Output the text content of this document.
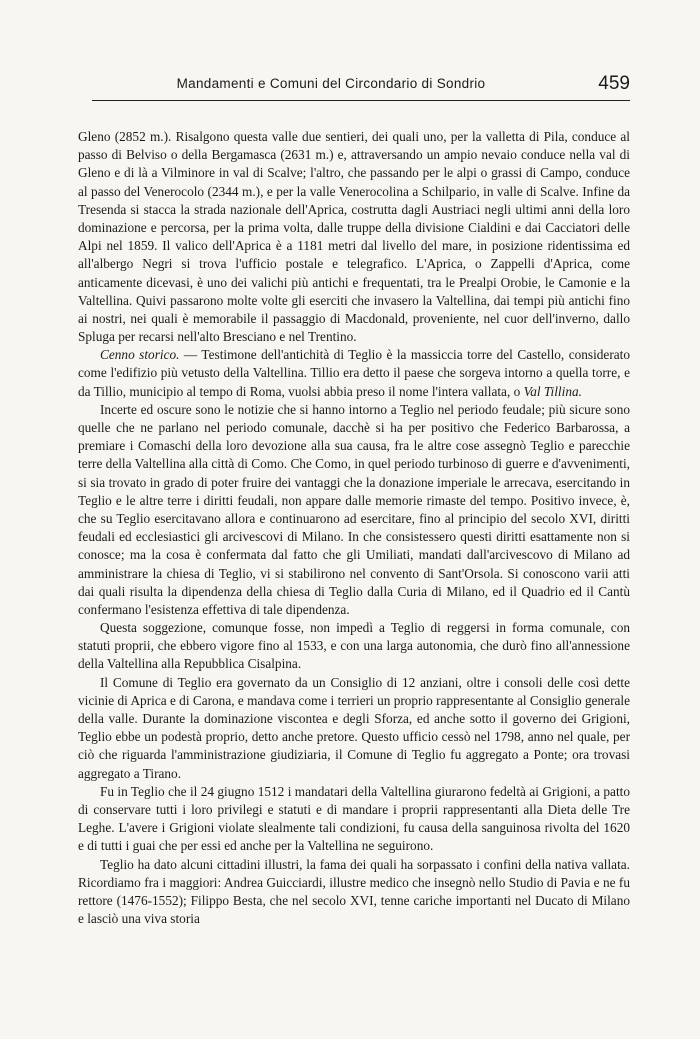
Mandamenti e Comuni del Circondario di Sondrio	459

Gleno (2852 m.). Risalgono questa valle due sentieri, dei quali uno, per la valletta di Pila, conduce al passo di Belviso o della Bergamasca (2631 m.) e, attraversando un ampio nevaio conduce nella val di Gleno e di là a Vilminore in val di Scalve; l'altro, che passando per le alpi o grassi di Campo, conduce al passo del Venerocolo (2344 m.), e per la valle Venerocolina a Schilpario, in valle di Scalve. Infine da Tresenda si stacca la strada nazionale dell'Aprica, costrutta dagli Austriaci negli ultimi anni della loro dominazione e percorsa, per la prima volta, dalle truppe della divisione Cialdini e dai Cacciatori delle Alpi nel 1859. Il valico dell'Aprica è a 1181 metri dal livello del mare, in posizione ridentissima ed all'albergo Negri si trova l'ufficio postale e telegrafico. L'Aprica, o Zappelli d'Aprica, come anticamente dicevasi, è uno dei valichi più antichi e frequentati, tra le Prealpi Orobie, le Camonie e la Valtellina. Quivi passarono molte volte gli eserciti che invasero la Valtellina, dai tempi più antichi fino ai nostri, nei quali è memorabile il passaggio di Macdonald, proveniente, nel cuor dell'inverno, dallo Spluga per recarsi nell'alto Bresciano e nel Trentino.

Cenno storico. — Testimone dell'antichità di Teglio è la massiccia torre del Castello, considerato come l'edifizio più vetusto della Valtellina. Tillio era detto il paese che sorgeva intorno a quella torre, e da Tillio, municipio al tempo di Roma, vuolsi abbia preso il nome l'intera vallata, o Val Tillina.

Incerte ed oscure sono le notizie che si hanno intorno a Teglio nel periodo feudale; più sicure sono quelle che ne parlano nel periodo comunale, dacchè si ha per positivo che Federico Barbarossa, a premiare i Comaschi della loro devozione alla sua causa, fra le altre cose assegnò Teglio e parecchie terre della Valtellina alla città di Como. Che Como, in quel periodo turbinoso di guerre e d'avvenimenti, si sia trovato in grado di poter fruire dei vantaggi che la donazione imperiale le arrecava, esercitando in Teglio e le altre terre i diritti feudali, non appare dalle memorie rimaste del tempo. Positivo invece, è, che su Teglio esercitavano allora e continuarono ad esercitare, fino al principio del secolo XVI, diritti feudali ed ecclesiastici gli arcivescovi di Milano. In che consistessero questi diritti esattamente non si conosce; ma la cosa è confermata dal fatto che gli Umiliati, mandati dall'arcivescovo di Milano ad amministrare la chiesa di Teglio, vi si stabilirono nel convento di Sant'Orsola. Si conoscono varii atti dai quali risulta la dipendenza della chiesa di Teglio dalla Curia di Milano, ed il Quadrio ed il Cantù confermano l'esistenza effettiva di tale dipendenza.

Questa soggezione, comunque fosse, non impedì a Teglio di reggersi in forma comunale, con statuti proprii, che ebbero vigore fino al 1533, e con una larga autonomia, che durò fino all'annessione della Valtellina alla Repubblica Cisalpina.

Il Comune di Teglio era governato da un Consiglio di 12 anziani, oltre i consoli delle così dette vicinie di Aprica e di Carona, e mandava come i terrieri un proprio rappresentante al Consiglio generale della valle. Durante la dominazione viscontea e degli Sforza, ed anche sotto il governo dei Grigioni, Teglio ebbe un podestà proprio, detto anche pretore. Questo ufficio cessò nel 1798, anno nel quale, per ciò che riguarda l'amministrazione giudiziaria, il Comune di Teglio fu aggregato a Ponte; ora trovasi aggregato a Tirano.

Fu in Teglio che il 24 giugno 1512 i mandatari della Valtellina giurarono fedeltà ai Grigioni, a patto di conservare tutti i loro privilegi e statuti e di mandare i proprii rappresentanti alla Dieta delle Tre Leghe. L'avere i Grigioni violate slealmente tali condizioni, fu causa della sanguinosa rivolta del 1620 e di tutti i guai che per essi ed anche per la Valtellina ne seguirono.

Teglio ha dato alcuni cittadini illustri, la fama dei quali ha sorpassato i confini della nativa vallata. Ricordiamo fra i maggiori: Andrea Guicciardi, illustre medico che insegnò nello Studio di Pavia e ne fu rettore (1476-1552); Filippo Besta, che nel secolo XVI, tenne cariche importanti nel Ducato di Milano e lasciò una viva storia
